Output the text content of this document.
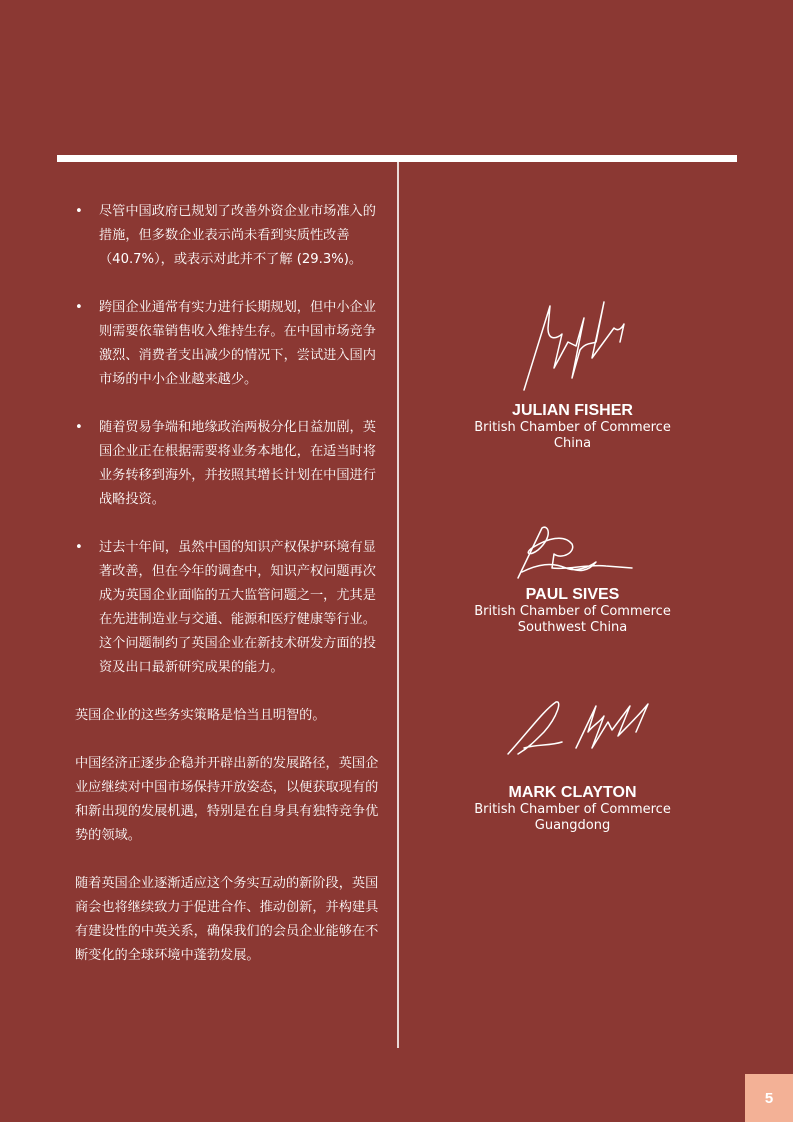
•	尽管中国政府已规划了改善外资企业市场准入的措施，但多数企业表示尚未看到实质性改善（40.7%），或表示对此并不了解 (29.3%)。
•	跨国企业通常有实力进行长期规划，但中小企业则需要依靠销售收入维持生存。在中国市场竞争激烈、消费者支出减少的情况下，尝试进入国内市场的中小企业越来越少。
•	随着贸易争端和地缘政治两极分化日益加剧，英国企业正在根据需要将业务本地化，在适当时将业务转移到海外，并按照其增长计划在中国进行战略投资。
•	过去十年间，虽然中国的知识产权保护环境有显著改善，但在今年的调查中，知识产权问题再次成为英国企业面临的五大监管问题之一，尤其是在先进制造业与交通、能源和医疗健康等行业。这个问题制约了英国企业在新技术研发方面的投资及出口最新研究成果的能力。

英国企业的这些务实策略是恰当且明智的。

中国经济正逐步企稳并开辟出新的发展路径，英国企业应继续对中国市场保持开放姿态，以便获取现有的和新出现的发展机遇，特别是在自身具有独特竞争优势的领域。

随着英国企业逐渐适应这个务实互动的新阶段，英国商会也将继续致力于促进合作、推动创新，并构建具有建设性的中英关系，确保我们的会员企业能够在不断变化的全球环境中蓬勃发展。

JULIAN FISHER
British Chamber of Commerce
China
PAUL SIVES
British Chamber of Commerce
Southwest China
MARK CLAYTON
British Chamber of Commerce
Guangdong
5
